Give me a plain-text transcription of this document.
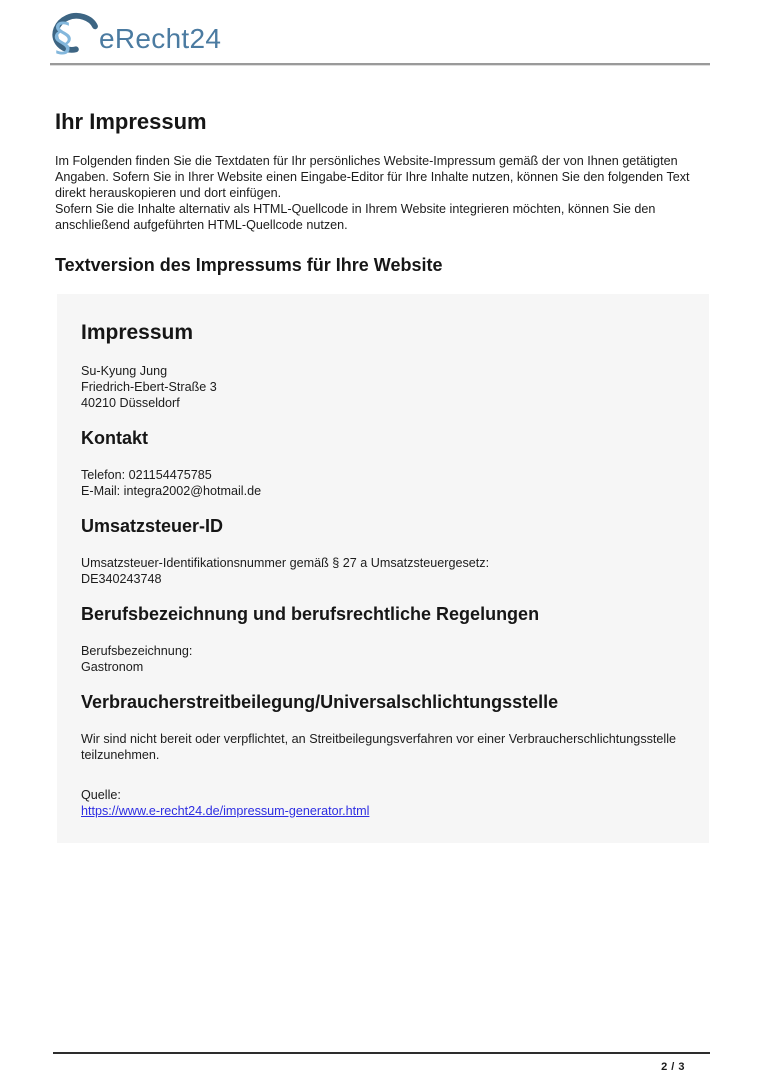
§ eRecht24
Ihr Impressum

Im Folgenden finden Sie die Textdaten für Ihr persönliches Website-Impressum gemäß der von Ihnen getätigten Angaben. Sofern Sie in Ihrer Website einen Eingabe-Editor für Ihre Inhalte nutzen, können Sie den folgenden Text direkt herauskopieren und dort einfügen.

Sofern Sie die Inhalte alternativ als HTML-Quellcode in Ihrem Website integrieren möchten, können Sie den anschließend aufgeführten HTML-Quellcode nutzen.

Textversion des Impressums für Ihre Website
Impressum

Su-Kyung Jung
Friedrich-Ebert-Straße 3
40210 Düsseldorf

Kontakt

Telefon: 021154475785
E-Mail: integra2002@hotmail.de

Umsatzsteuer-ID

Umsatzsteuer-Identifikationsnummer gemäß § 27 a Umsatzsteuergesetz:
DE340243748

Berufsbezeichnung und berufsrechtliche Regelungen

Berufsbezeichnung:
Gastronom

Verbraucherstreitbeilegung/Universalschlichtungsstelle

Wir sind nicht bereit oder verpflichtet, an Streitbeilegungsverfahren vor einer Verbraucherschlichtungsstelle teilzunehmen.

Quelle:
https://www.e-recht24.de/impressum-generator.html

2 / 3
